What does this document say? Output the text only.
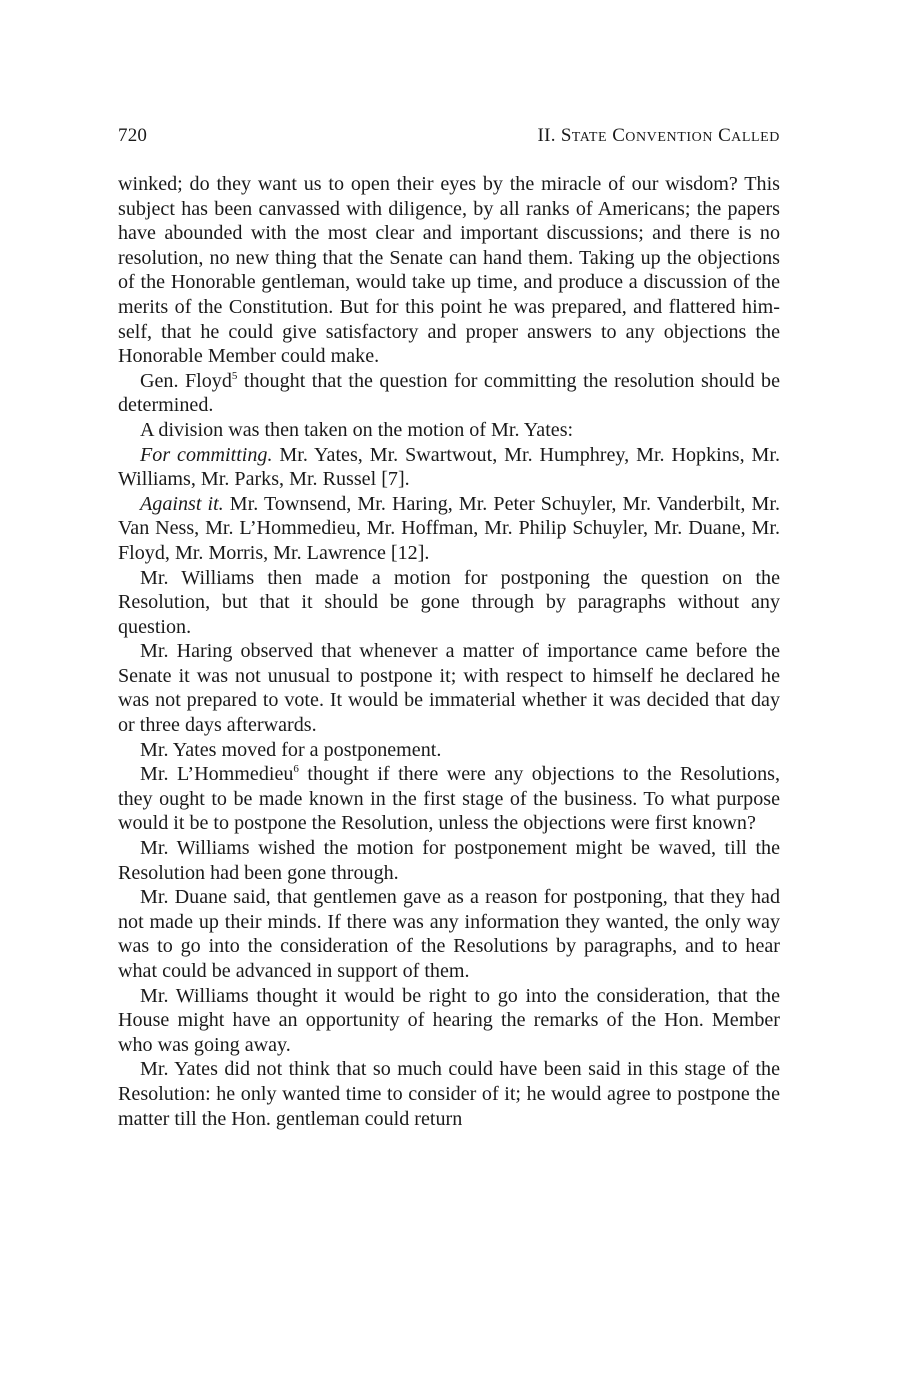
720	II. STATE CONVENTION CALLED

winked; do they want us to open their eyes by the miracle of our wisdom? This subject has been canvassed with diligence, by all ranks of Americans; the papers have abounded with the most clear and important discussions; and there is no resolution, no new thing that the Senate can hand them. Taking up the objections of the Honorable gentleman, would take up time, and produce a discussion of the merits of the Constitution. But for this point he was prepared, and flattered himself, that he could give satisfactory and proper answers to any objections the Honorable Member could make.

Gen. Floyd$^5$ thought that the question for committing the resolution should be determined.

A division was then taken on the motion of Mr. Yates:

For committing. Mr. Yates, Mr. Swartwout, Mr. Humphrey, Mr. Hopkins, Mr. Williams, Mr. Parks, Mr. Russel [7].

Against it. Mr. Townsend, Mr. Haring, Mr. Peter Schuyler, Mr. Vanderbilt, Mr. Van Ness, Mr. L’Hommedieu, Mr. Hoffman, Mr. Philip Schuyler, Mr. Duane, Mr. Floyd, Mr. Morris, Mr. Lawrence [12].

Mr. Williams then made a motion for postponing the question on the Resolution, but that it should be gone through by paragraphs without any question.

Mr. Haring observed that whenever a matter of importance came before the Senate it was not unusual to postpone it; with respect to himself he declared he was not prepared to vote. It would be immaterial whether it was decided that day or three days afterwards.

Mr. Yates moved for a postponement.

Mr. L’Hommedieu$^6$ thought if there were any objections to the Resolutions, they ought to be made known in the first stage of the business. To what purpose would it be to postpone the Resolution, unless the objections were first known?

Mr. Williams wished the motion for postponement might be waved, till the Resolution had been gone through.

Mr. Duane said, that gentlemen gave as a reason for postponing, that they had not made up their minds. If there was any information they wanted, the only way was to go into the consideration of the Resolutions by paragraphs, and to hear what could be advanced in support of them.

Mr. Williams thought it would be right to go into the consideration, that the House might have an opportunity of hearing the remarks of the Hon. Member who was going away.

Mr. Yates did not think that so much could have been said in this stage of the Resolution: he only wanted time to consider of it; he would agree to postpone the matter till the Hon. gentleman could return
